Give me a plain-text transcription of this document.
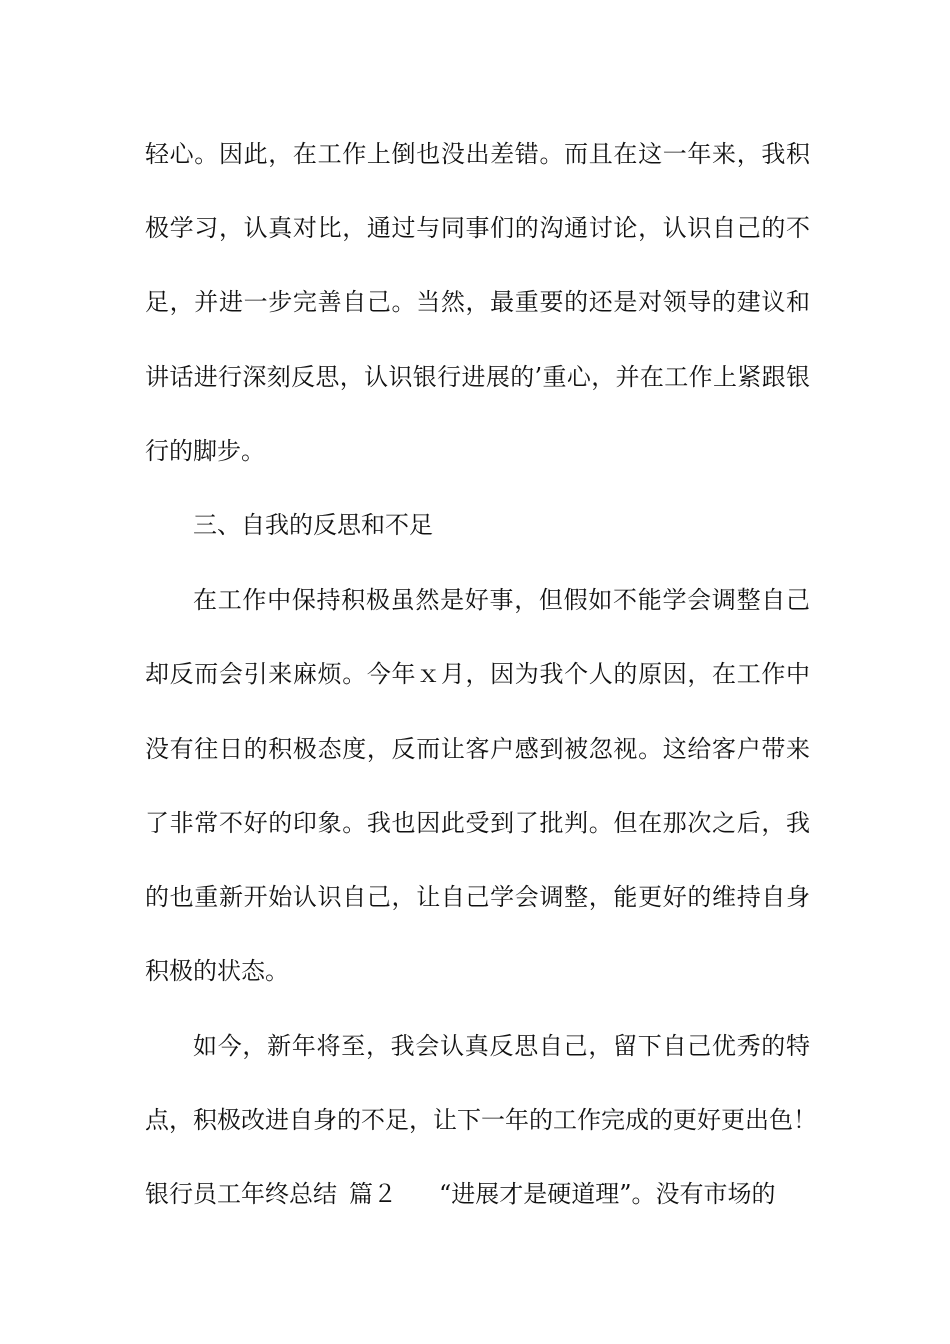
轻心。因此，在工作上倒也没出差错。而且在这一年来，我积
极学习，认真对比，通过与同事们的沟通讨论，认识自己的不
足，并进一步完善自己。当然，最重要的还是对领导的建议和
讲话进行深刻反思，认识银行进展的’重心，并在工作上紧跟银
行的脚步。
三、自我的反思和不足
在工作中保持积极虽然是好事，但假如不能学会调整自己
却反而会引来麻烦。今年ｘ月，因为我个人的原因，在工作中
没有往日的积极态度，反而让客户感到被忽视。这给客户带来
了非常不好的印象。我也因此受到了批判。但在那次之后，我
的也重新开始认识自己，让自己学会调整，能更好的维持自身
积极的状态。
如今，新年将至，我会认真反思自己，留下自己优秀的特
点，积极改进自身的不足，让下一年的工作完成的更好更出色！
银行员工年终总结 篇２ “进展才是硬道理”。没有市场的
